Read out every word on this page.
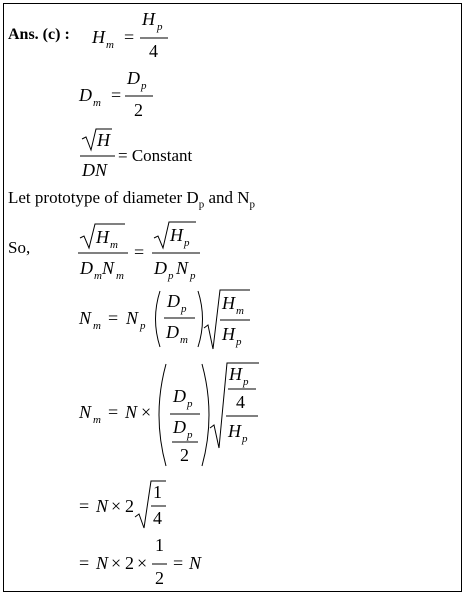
Ans. (c) :
= Constant
Let prototype of diameter $D_p$ and $N_p$
So,
H m =
H p
4
D m =
D p
2
H
DN
H m
D m N m
=
H p
D p N p
N m = N p
D p
D m
H m
H p
N m = N ×
D p
D p
2
H p
4
H p
= N × 2
1
4
= N × 2 ×
1
2
= N
